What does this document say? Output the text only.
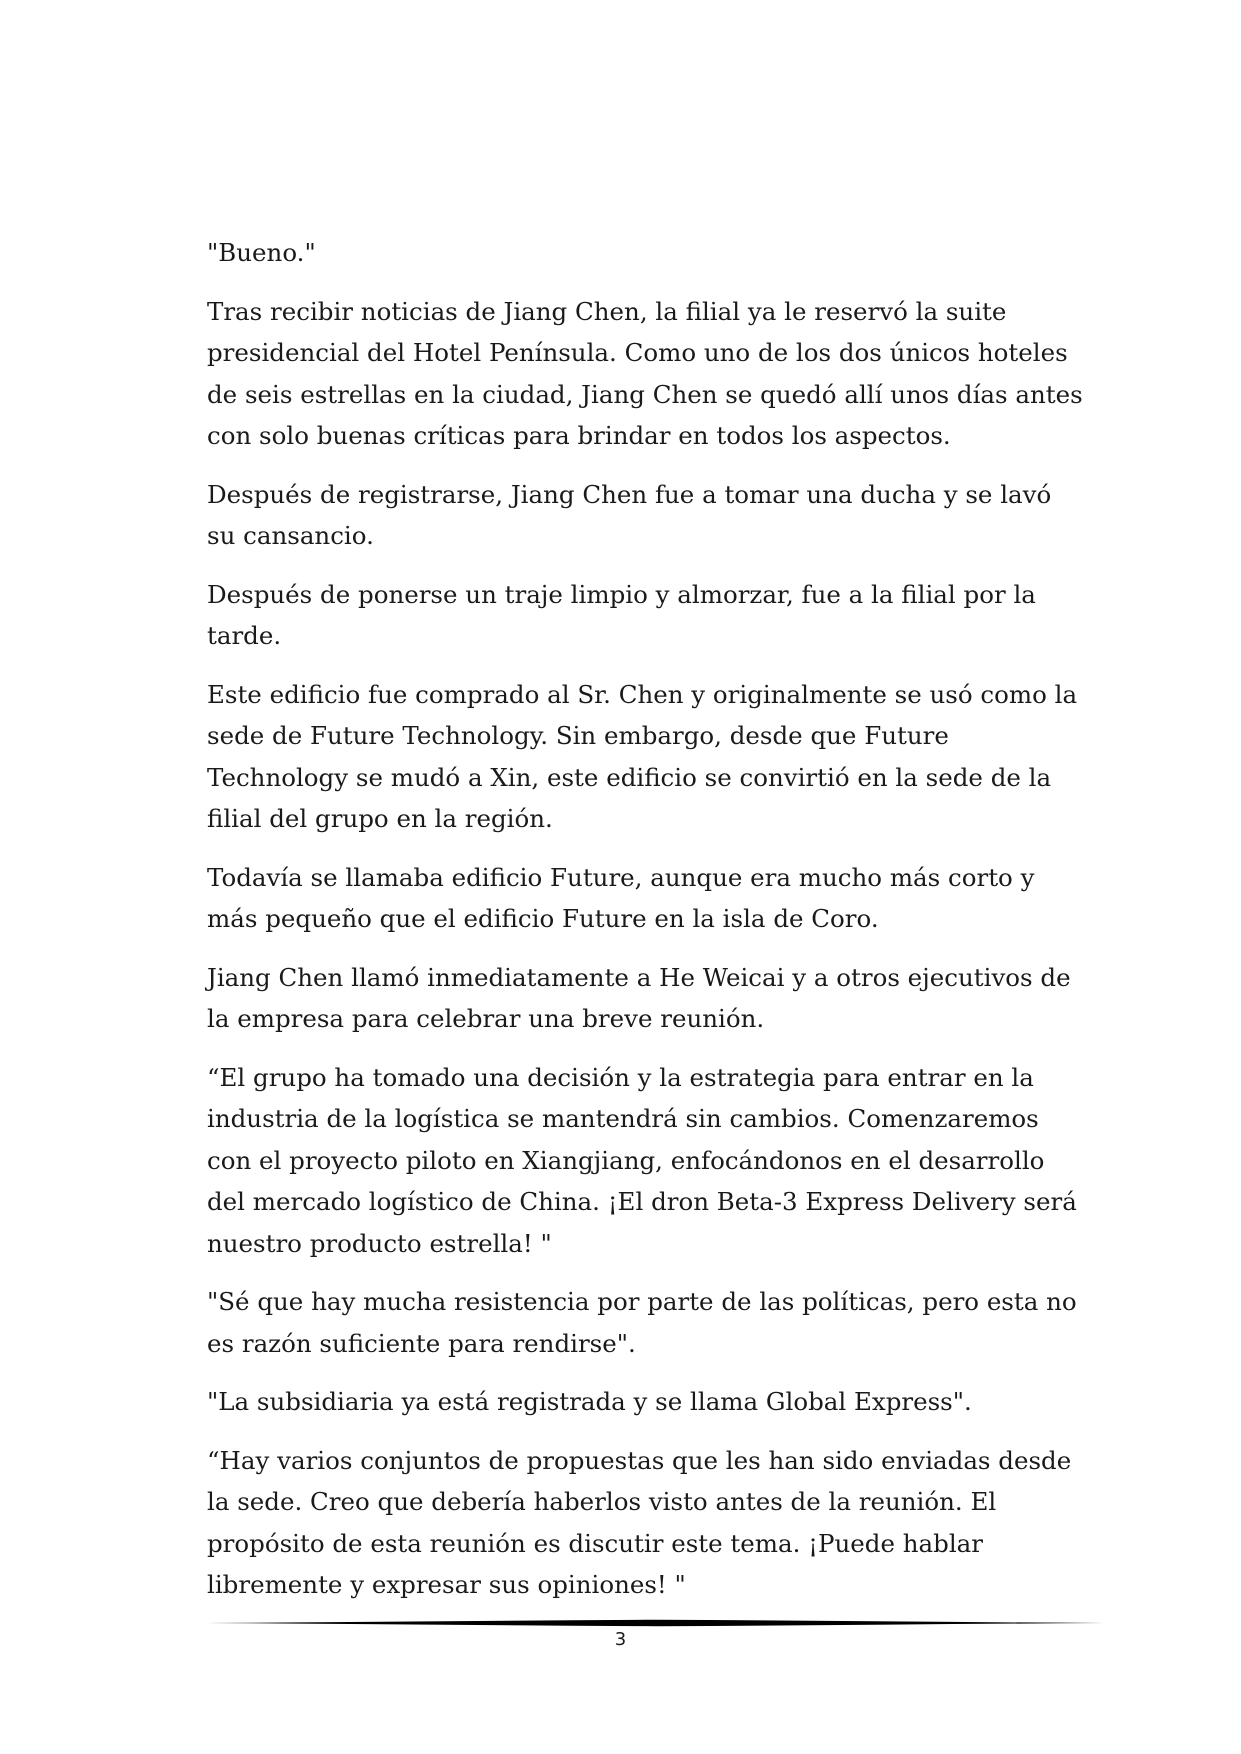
"Bueno."

Tras recibir noticias de Jiang Chen, la filial ya le reservó la suite presidencial del Hotel Península. Como uno de los dos únicos hoteles de seis estrellas en la ciudad, Jiang Chen se quedó allí unos días antes con solo buenas críticas para brindar en todos los aspectos.

Después de registrarse, Jiang Chen fue a tomar una ducha y se lavó su cansancio.

Después de ponerse un traje limpio y almorzar, fue a la filial por la tarde.

Este edificio fue comprado al Sr. Chen y originalmente se usó como la sede de Future Technology. Sin embargo, desde que Future Technology se mudó a Xin, este edificio se convirtió en la sede de la filial del grupo en la región.

Todavía se llamaba edificio Future, aunque era mucho más corto y más pequeño que el edificio Future en la isla de Coro.

Jiang Chen llamó inmediatamente a He Weicai y a otros ejecutivos de la empresa para celebrar una breve reunión.

“El grupo ha tomado una decisión y la estrategia para entrar en la industria de la logística se mantendrá sin cambios. Comenzaremos con el proyecto piloto en Xiangjiang, enfocándonos en el desarrollo del mercado logístico de China. ¡El dron Beta-3 Express Delivery será nuestro producto estrella! "

"Sé que hay mucha resistencia por parte de las políticas, pero esta no es razón suficiente para rendirse".

"La subsidiaria ya está registrada y se llama Global Express".

“Hay varios conjuntos de propuestas que les han sido enviadas desde la sede. Creo que debería haberlos visto antes de la reunión. El propósito de esta reunión es discutir este tema. ¡Puede hablar libremente y expresar sus opiniones! "

3
